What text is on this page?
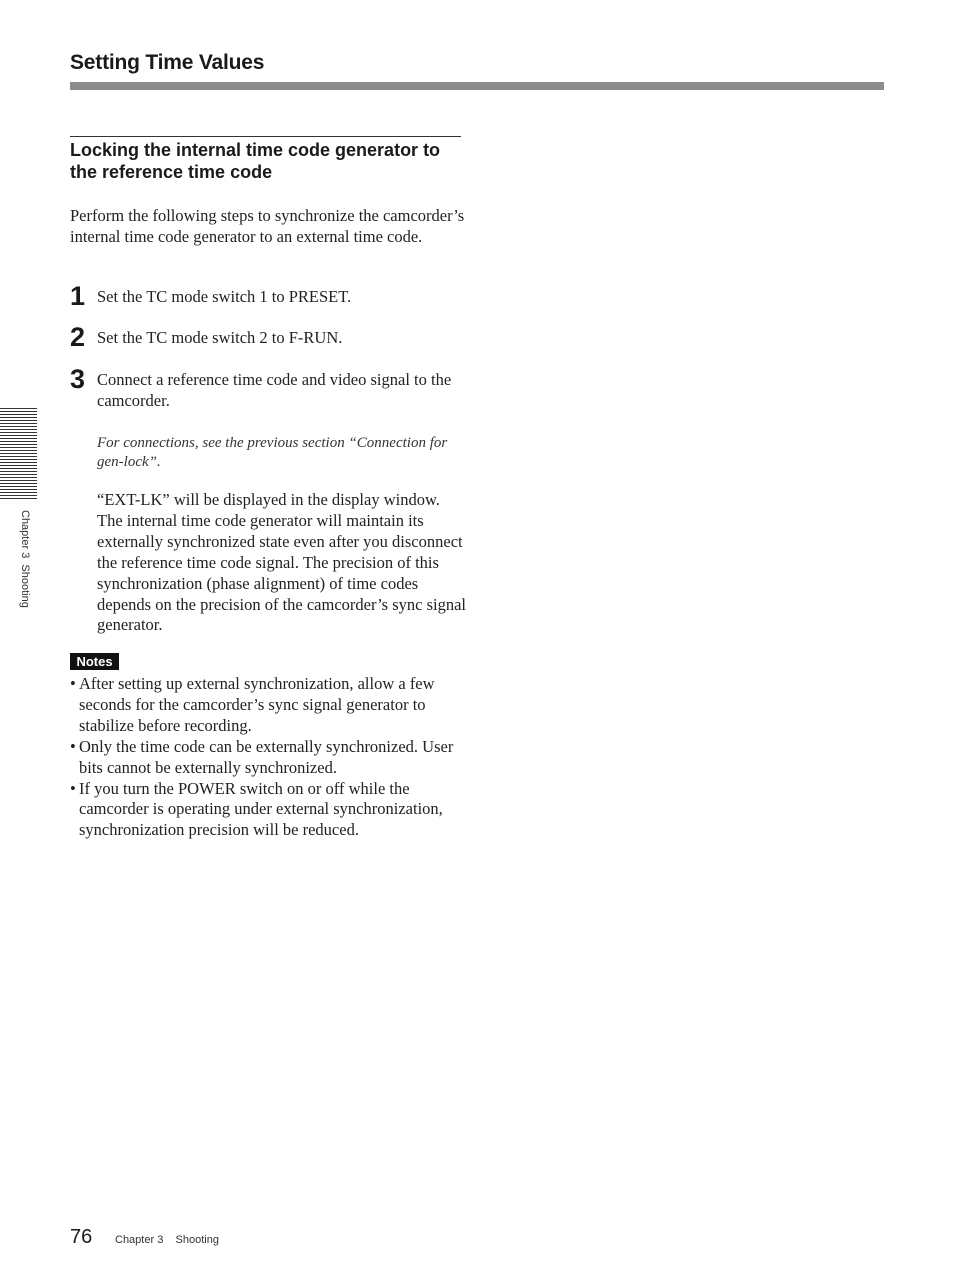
Setting Time Values
Locking the internal time code generator to the reference time code

Perform the following steps to synchronize the camcorder’s internal time code generator to an external time code.

1 Set the TC mode switch 1 to PRESET.

2 Set the TC mode switch 2 to F-RUN.

3 Connect a reference time code and video signal to the camcorder.

For connections, see the previous section “Connection for gen-lock”.

“EXT-LK” will be displayed in the display window. The internal time code generator will maintain its externally synchronized state even after you disconnect the reference time code signal. The precision of this synchronization (phase alignment) of time codes depends on the precision of the camcorder’s sync signal generator.

Notes
• After setting up external synchronization, allow a few seconds for the camcorder’s sync signal generator to stabilize before recording.
• Only the time code can be externally synchronized. User bits cannot be externally synchronized.
• If you turn the POWER switch on or off while the camcorder is operating under external synchronization, synchronization precision will be reduced.
Chapter 3  Shooting
76 Chapter 3    Shooting
